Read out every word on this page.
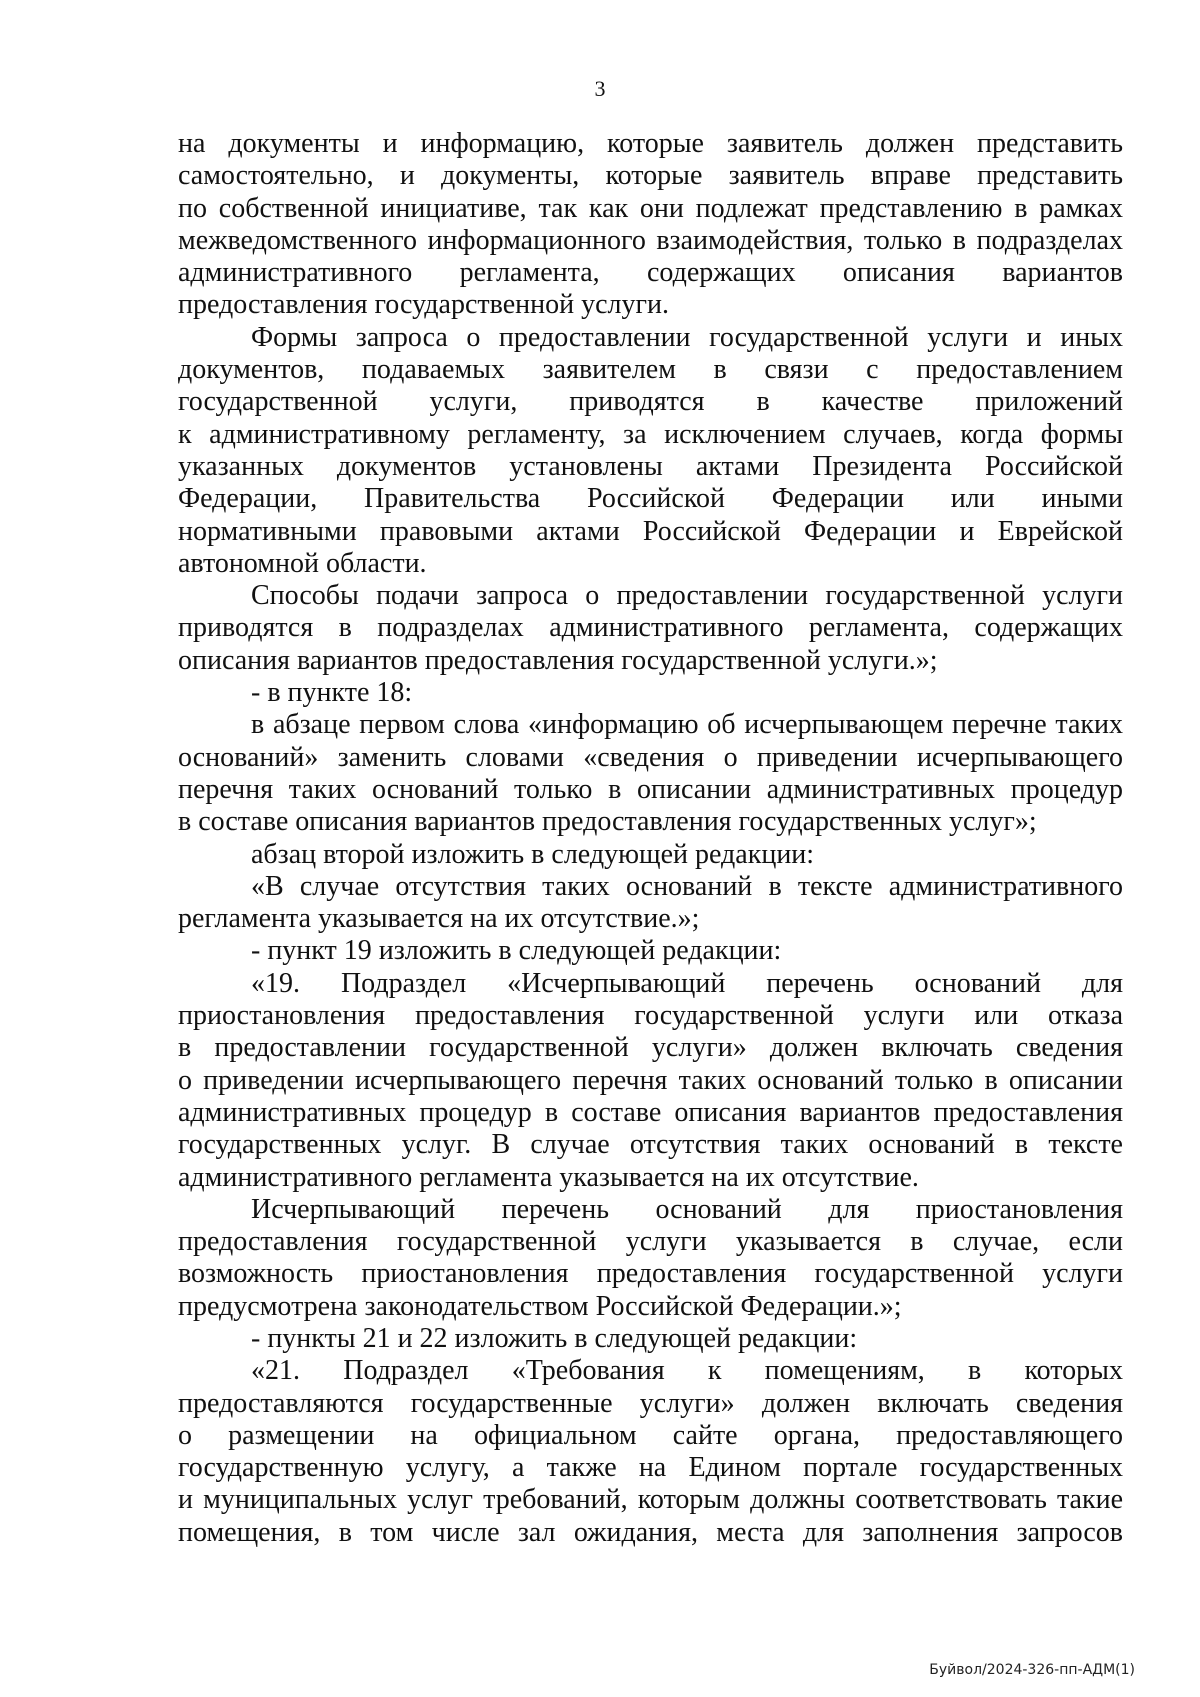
3
на документы и информацию, которые заявитель должен представить
самостоятельно, и документы, которые заявитель вправе представить
по собственной инициативе, так как они подлежат представлению в рамках
межведомственного информационного взаимодействия, только в подразделах
административного регламента, содержащих описания вариантов
предоставления государственной услуги.
Формы запроса о предоставлении государственной услуги и иных
документов, подаваемых заявителем в связи с предоставлением
государственной услуги, приводятся в качестве приложений
к административному регламенту, за исключением случаев, когда формы
указанных документов установлены актами Президента Российской
Федерации, Правительства Российской Федерации или иными
нормативными правовыми актами Российской Федерации и Еврейской
автономной области.
Способы подачи запроса о предоставлении государственной услуги
приводятся в подразделах административного регламента, содержащих
описания вариантов предоставления государственной услуги.»;
- в пункте 18:
в абзаце первом слова «информацию об исчерпывающем перечне таких
оснований» заменить словами «сведения о приведении исчерпывающего
перечня таких оснований только в описании административных процедур
в составе описания вариантов предоставления государственных услуг»;
абзац второй изложить в следующей редакции:
«В случае отсутствия таких оснований в тексте административного
регламента указывается на их отсутствие.»;
- пункт 19 изложить в следующей редакции:
«19. Подраздел «Исчерпывающий перечень оснований для
приостановления предоставления государственной услуги или отказа
в предоставлении государственной услуги» должен включать сведения
о приведении исчерпывающего перечня таких оснований только в описании
административных процедур в составе описания вариантов предоставления
государственных услуг. В случае отсутствия таких оснований в тексте
административного регламента указывается на их отсутствие.
Исчерпывающий перечень оснований для приостановления
предоставления государственной услуги указывается в случае, если
возможность приостановления предоставления государственной услуги
предусмотрена законодательством Российской Федерации.»;
- пункты 21 и 22 изложить в следующей редакции:
«21. Подраздел «Требования к помещениям, в которых
предоставляются государственные услуги» должен включать сведения
о размещении на официальном сайте органа, предоставляющего
государственную услугу, а также на Едином портале государственных
и муниципальных услуг требований, которым должны соответствовать такие
помещения, в том числе зал ожидания, места для заполнения запросов
Буйвол/2024-326-пп-АДМ(1)
